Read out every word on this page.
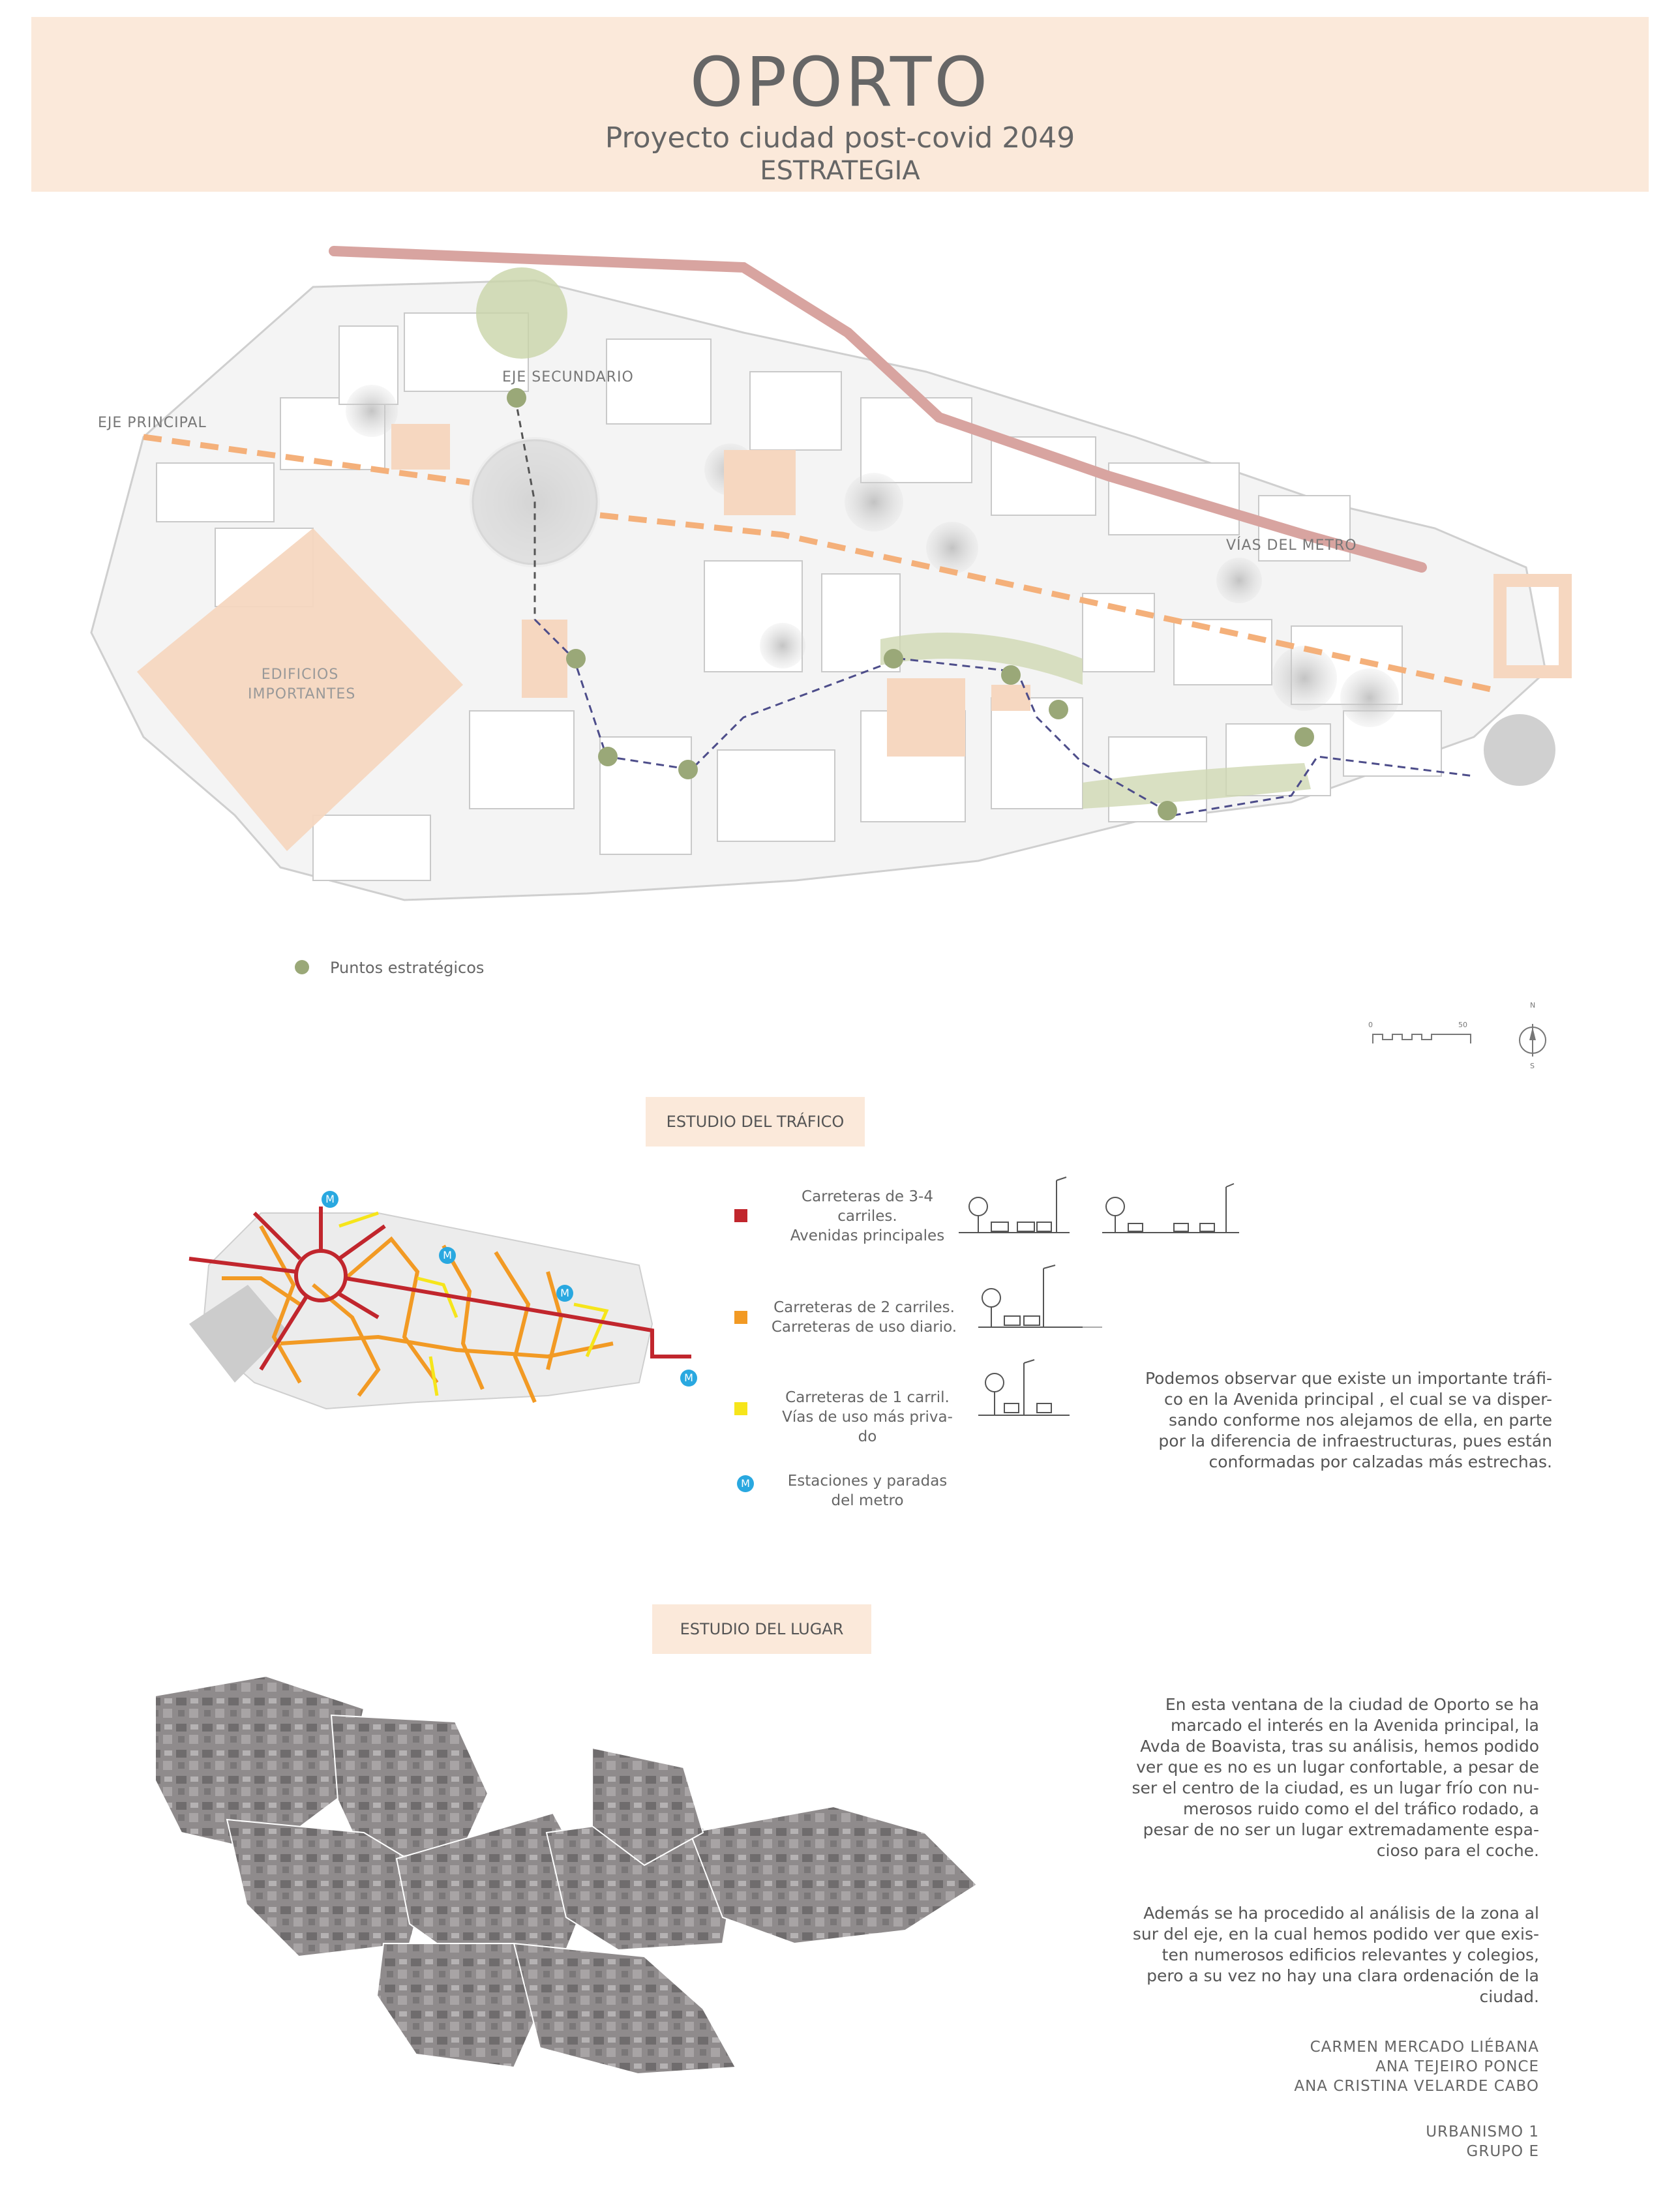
OPORTO
Proyecto ciudad post-covid 2049
ESTRATEGIA
EJE PRINCIPAL
EJE SECUNDARIO
VÍAS DEL METRO
EDIFICIOS
IMPORTANTES
Puntos estratégicos
0	50
N
S
ESTUDIO DEL TRÁFICO
M
M
M
M
Carreteras de 3-4
carriles.
Avenidas principales
Carreteras de 2 carriles.
Carreteras de uso diario.
Carreteras de 1 carril.
Vías de uso más priva-
do
M	Estaciones y paradas
del metro
Podemos observar que existe un importante tráfi-
co en la Avenida principal , el cual se va disper-
sando conforme nos alejamos de ella, en parte
por la diferencia de infraestructuras, pues están
conformadas por calzadas más estrechas.
ESTUDIO DEL LUGAR
En esta ventana de la ciudad de Oporto se ha
marcado el interés en la Avenida principal, la
Avda de Boavista, tras su análisis, hemos podido
ver que es no es un lugar confortable, a pesar de
ser el centro de la ciudad, es un lugar frío con nu-
merosos ruido como el del tráfico rodado, a
pesar de no ser un lugar extremadamente espa-
cioso para el coche.
Además se ha procedido al análisis de la zona al
sur del eje, en la cual hemos podido ver que exis-
ten numerosos edificios relevantes y colegios,
pero a su vez no hay una clara ordenación de la
ciudad.
CARMEN MERCADO LIÉBANA
ANA TEJEIRO PONCE
ANA CRISTINA VELARDE CABO
URBANISMO 1
GRUPO E
